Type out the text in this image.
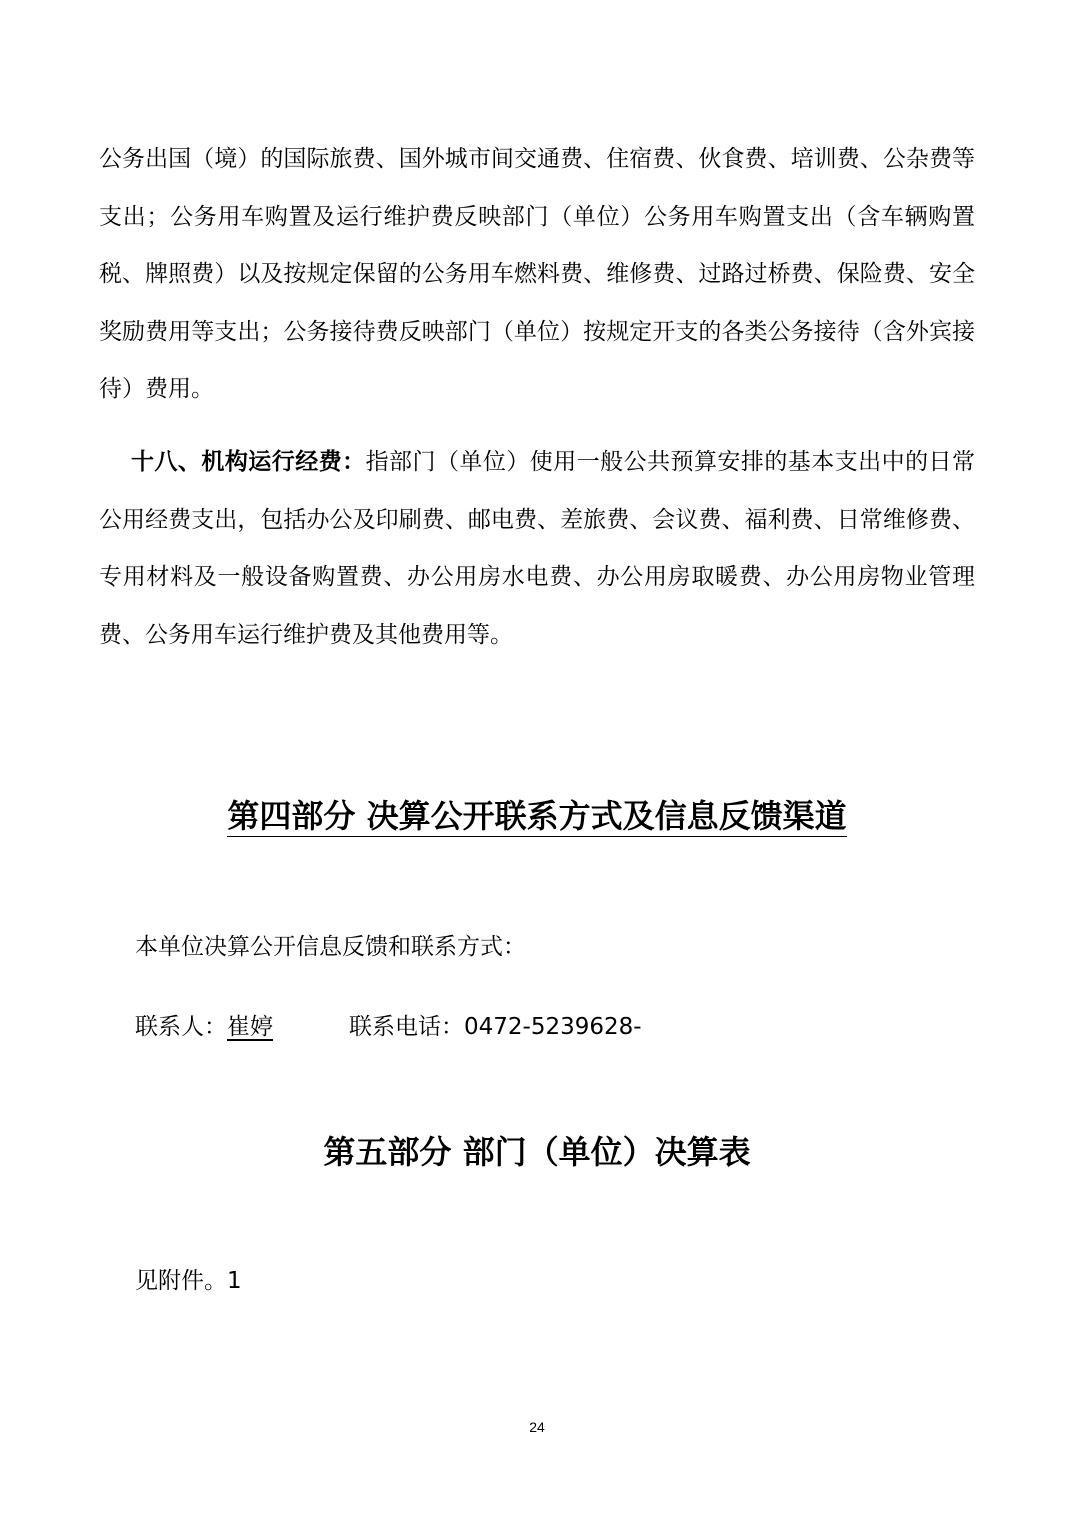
公务出国（境）的国际旅费、国外城市间交通费、住宿费、伙食费、培训费、公杂费等支出；公务用车购置及运行维护费反映部门（单位）公务用车购置支出（含车辆购置税、牌照费）以及按规定保留的公务用车燃料费、维修费、过路过桥费、保险费、安全奖励费用等支出；公务接待费反映部门（单位）按规定开支的各类公务接待（含外宾接待）费用。

十八、机构运行经费：指部门（单位）使用一般公共预算安排的基本支出中的日常公用经费支出，包括办公及印刷费、邮电费、差旅费、会议费、福利费、日常维修费、专用材料及一般设备购置费、办公用房水电费、办公用房取暖费、办公用房物业管理费、公务用车运行维护费及其他费用等。

第四部分 决算公开联系方式及信息反馈渠道

本单位决算公开信息反馈和联系方式：

联系人：崔婷	联系电话：0472-5239628-

第五部分 部门（单位）决算表

见附件。1

24
